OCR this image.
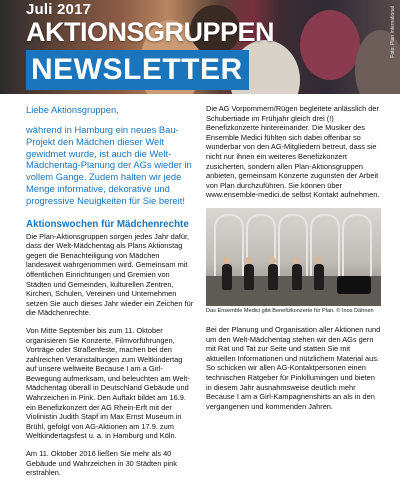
Juli 2017
AKTIONSGRUPPEN
NEWSLETTER
Foto: Plan International

Liebe Aktionsgruppen,

während in Hamburg ein neues Bau-Projekt den Mädchen dieser Welt gewidmet wurde, ist auch die Welt-Mädchentag-Planung der AGs wieder in vollem Gange. Zudem halten wir jede Menge informative, dekorative und progressive Neuigkeiten für Sie bereit!

Aktionswochen für Mädchenrechte

Die Plan-Aktionsgruppen sorgen jedes Jahr dafür, dass der Welt-Mädchentag als Plans Aktionstag gegen die Benachteiligung von Mädchen landesweit wahrgenommen wird. Gemeinsam mit öffentlichen Einrichtungen und Gremien von Städten und Gemeinden, kulturellen Zentren, Kirchen, Schulen, Vereinen und Unternehmen setzen Sie auch dieses Jahr wieder ein Zeichen für die Mädchenrechte.

Von Mitte September bis zum 11. Oktober organisieren Sie Konzerte, Filmvorführungen, Vorträge oder Straßenfeste, machen bei den zahlreichen Veranstaltungen zum Weltkindertag auf unsere weltweite Because I am a Girl-Bewegung aufmerksam, und beleuchten am Welt-Mädchentag überall in Deutschland Gebäude und Wahrzeichen in Pink. Den Auftakt bildet am 16.9. ein Benefizkonzert der AG Rhein-Erft mit der Violinistin Judith Stapf im Max Ernst Museum in Brühl, gefolgt von AG-Aktionen am 17.9. zum Weltkindertagsfest u. a. in Hamburg und Köln.

Am 11. Oktober 2016 ließen Sie mehr als 40 Gebäude und Wahrzeichen in 30 Städten pink erstrahlen.

Die AG Vorpommern/Rügen begleitete anlässlich der Schubertiade im Frühjahr gleich drei (!) Benefizkonzerte hintereinander. Die Musiker des Ensemble Medici fühlten sich dabei offenbar so wunderbar von den AG-Mitgliedern betreut, dass sie nicht nur ihnen ein weiteres Benefizkonzert zusicherten, sondern allen Plan-Aktionsgruppen anbieten, gemeinsam Konzerte zugunsten der Arbeit von Plan durchzuführen. Sie können über www.ensemble-medici.de selbst Kontakt aufnehmen.

Das Ensemble Medici gibt Benefizkonzerte für Plan. © Inos Dähnen

Bei der Planung und Organisation aller Aktionen rund um den Welt-Mädchentag stehen wir den AGs gern mit Rat und Tat zur Seite und statten Sie mit aktuellen Informationen und nützlichem Material aus. So schicken wir allen AG-Kontaktpersonen einen technischen Ratgeber für Pinkillumingen und bieten in diesem Jahr ausnahmsweise deutlich mehr Because I am a Girl-Kampagnenshirts an als in den vergangenen und kommenden Jahren.
